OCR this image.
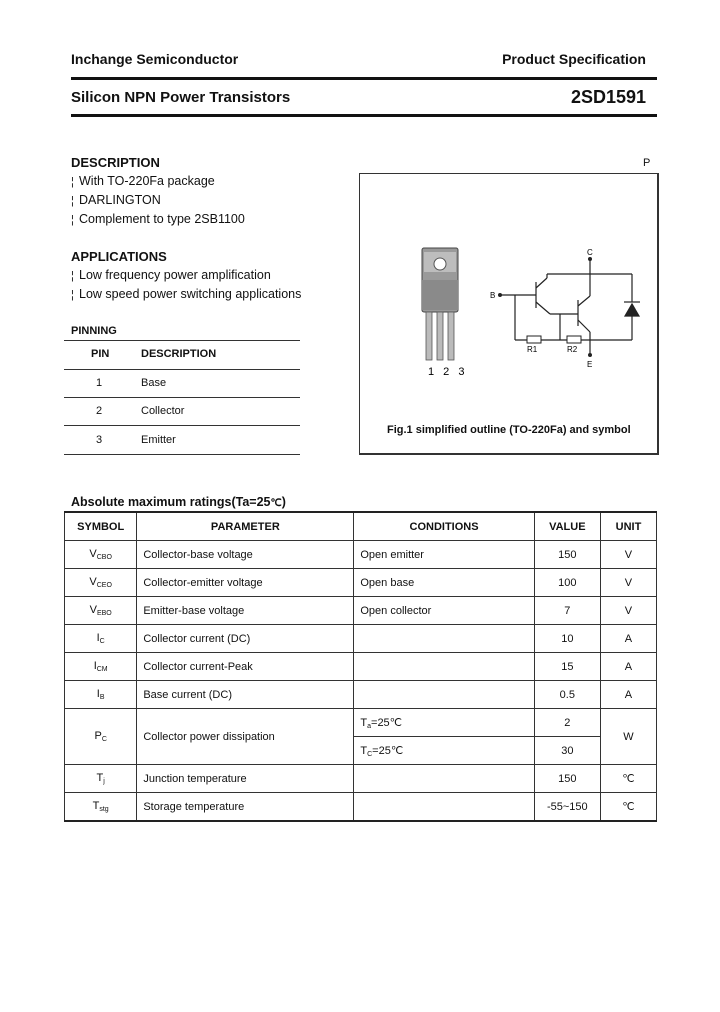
Inchange Semiconductor	Product Specification
Silicon NPN Power Transistors	2SD1591
DESCRIPTION
¦ With TO-220Fa package
¦ DARLINGTON
¦ Complement to type 2SB1100
APPLICATIONS
¦ Low frequency power amplification
¦ Low speed power switching applications
PINNING
PIN	DESCRIPTION
1	Base
2	Collector
3	Emitter
P
1 2 3
C
B
E
R1	R2
Fig.1 simplified outline (TO-220Fa) and symbol
Absolute maximum ratings(Ta=25℃)
SYMBOL	PARAMETER	CONDITIONS	VALUE	UNIT
$V_{CBO}$	Collector-base voltage	Open emitter	150	V
$V_{CEO}$	Collector-emitter voltage	Open base	100	V
$V_{EBO}$	Emitter-base voltage	Open collector	7	V
$I_C$	Collector current (DC)		10	A
$I_{CM}$	Collector current-Peak		15	A
$I_B$	Base current (DC)		0.5	A
$P_C$	Collector power dissipation	$T_a=25℃$	2	W
		$T_C=25℃$	30	
$T_j$	Junction temperature		150	℃
$T_{stg}$	Storage temperature		-55~150	℃
